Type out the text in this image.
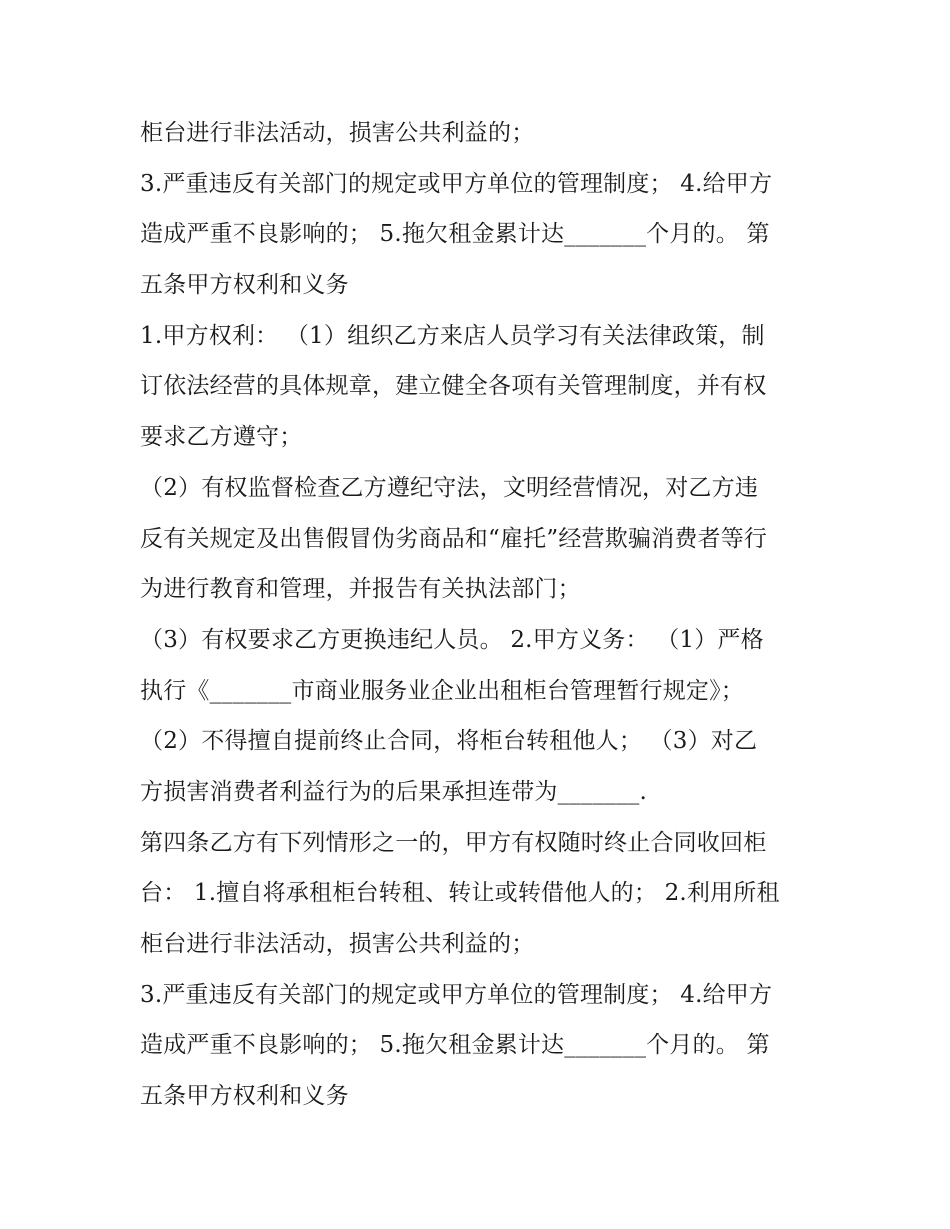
柜台进行非法活动，损害公共利益的；
3.严重违反有关部门的规定或甲方单位的管理制度； 4.给甲方
造成严重不良影响的； 5.拖欠租金累计达_______个月的。 第
五条甲方权利和义务
1.甲方权利： （1）组织乙方来店人员学习有关法律政策，制
订依法经营的具体规章，建立健全各项有关管理制度，并有权
要求乙方遵守；
（2）有权监督检查乙方遵纪守法，文明经营情况，对乙方违
反有关规定及出售假冒伪劣商品和“雇托”经营欺骗消费者等行
为进行教育和管理，并报告有关执法部门；
（3）有权要求乙方更换违纪人员。 2.甲方义务： （1）严格
执行《_______市商业服务业企业出租柜台管理暂行规定》；
（2）不得擅自提前终止合同，将柜台转租他人； （3）对乙
方损害消费者利益行为的后果承担连带为_______.
第四条乙方有下列情形之一的，甲方有权随时终止合同收回柜
台： 1.擅自将承租柜台转租、转让或转借他人的； 2.利用所租
柜台进行非法活动，损害公共利益的；
3.严重违反有关部门的规定或甲方单位的管理制度； 4.给甲方
造成严重不良影响的； 5.拖欠租金累计达_______个月的。 第
五条甲方权利和义务
